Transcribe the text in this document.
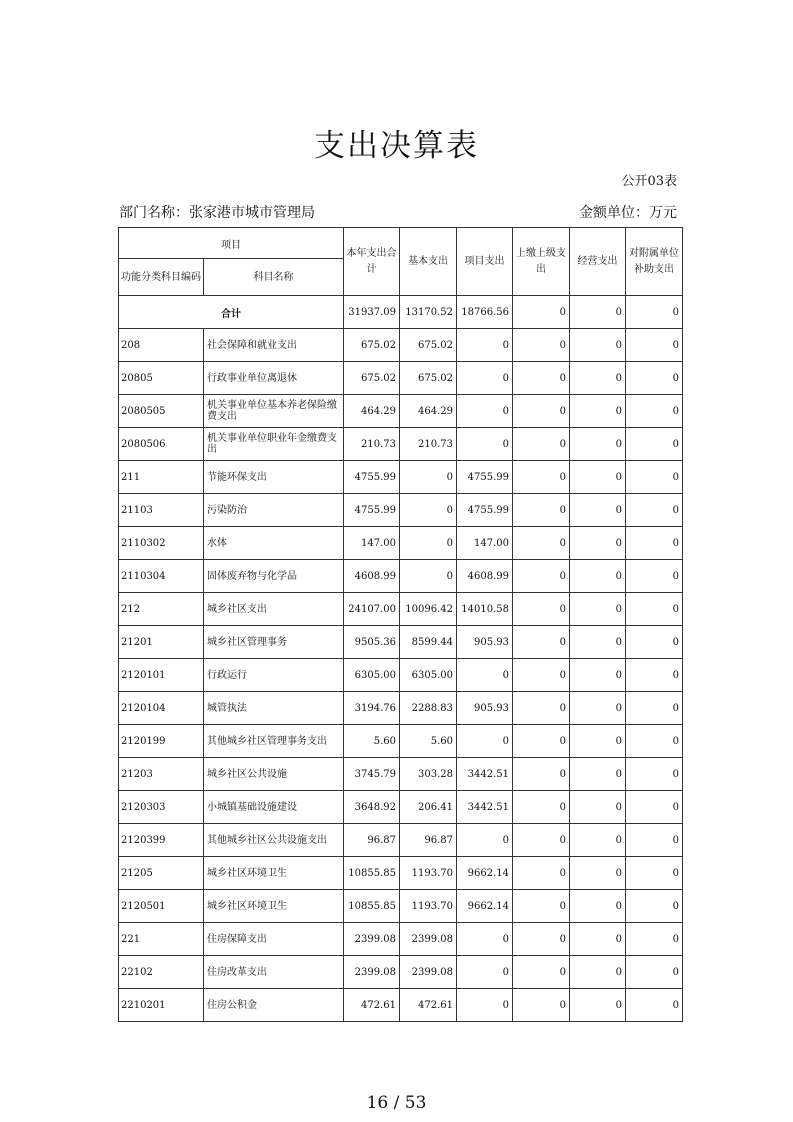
支出决算表
公开03表
部门名称：张家港市城市管理局	金额单位：万元
项目		本年支出合计	基本支出	项目支出	上缴上级支出	经营支出	对附属单位补助支出
功能分类科目编码	科目名称						
合计		31937.09	13170.52	18766.56	0	0	0
208	社会保障和就业支出	675.02	675.02	0	0	0	0
20805	行政事业单位离退休	675.02	675.02	0	0	0	0
2080505	机关事业单位基本养老保险缴费支出	464.29	464.29	0	0	0	0
2080506	机关事业单位职业年金缴费支出	210.73	210.73	0	0	0	0
211	节能环保支出	4755.99	0	4755.99	0	0	0
21103	污染防治	4755.99	0	4755.99	0	0	0
2110302	水体	147.00	0	147.00	0	0	0
2110304	固体废弃物与化学品	4608.99	0	4608.99	0	0	0
212	城乡社区支出	24107.00	10096.42	14010.58	0	0	0
21201	城乡社区管理事务	9505.36	8599.44	905.93	0	0	0
2120101	行政运行	6305.00	6305.00	0	0	0	0
2120104	城管执法	3194.76	2288.83	905.93	0	0	0
2120199	其他城乡社区管理事务支出	5.60	5.60	0	0	0	0
21203	城乡社区公共设施	3745.79	303.28	3442.51	0	0	0
2120303	小城镇基础设施建设	3648.92	206.41	3442.51	0	0	0
2120399	其他城乡社区公共设施支出	96.87	96.87	0	0	0	0
21205	城乡社区环境卫生	10855.85	1193.70	9662.14	0	0	0
2120501	城乡社区环境卫生	10855.85	1193.70	9662.14	0	0	0
221	住房保障支出	2399.08	2399.08	0	0	0	0
22102	住房改革支出	2399.08	2399.08	0	0	0	0
2210201	住房公积金	472.61	472.61	0	0	0	0
16 / 53
